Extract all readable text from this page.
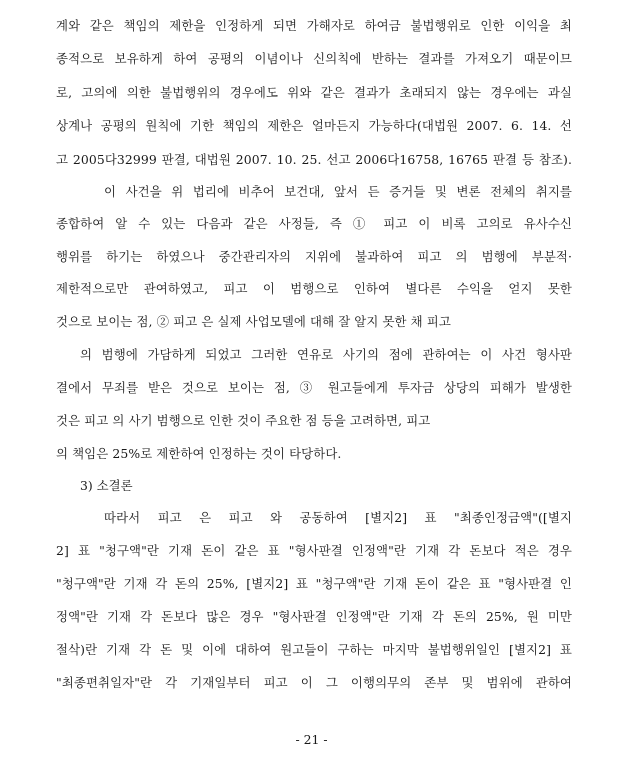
계와 같은 책임의 제한을 인정하게 되면 가해자로 하여금 불법행위로 인한 이익을 최
종적으로 보유하게 하여 공평의 이념이나 신의칙에 반하는 결과를 가져오기 때문이므
로, 고의에 의한 불법행위의 경우에도 위와 같은 결과가 초래되지 않는 경우에는 과실
상계나 공평의 원칙에 기한 책임의 제한은 얼마든지 가능하다(대법원 2007. 6. 14. 선
고 2005다32999 판결, 대법원 2007. 10. 25. 선고 2006다16758, 16765 판결 등 참조).
이 사건을 위 법리에 비추어 보건대, 앞서 든 증거들 및 변론 전체의 취지를
종합하여 알 수 있는 다음과 같은 사정들, 즉 ① 피고 이 비록 고의로 유사수신
행위를 하기는 하였으나 중간관리자의 지위에 불과하여 피고 의 범행에 부분적·
제한적으로만 관여하였고, 피고 이 범행으로 인하여 별다른 수익을 얻지 못한
것으로 보이는 점, ② 피고 은 실제 사업모델에 대해 잘 알지 못한 채 피고
의 범행에 가담하게 되었고 그러한 연유로 사기의 점에 관하여는 이 사건 형사판
결에서 무죄를 받은 것으로 보이는 점, ③ 원고들에게 투자금 상당의 피해가 발생한
것은 피고 의 사기 범행으로 인한 것이 주요한 점 등을 고려하면, 피고
의 책임은 25%로 제한하여 인정하는 것이 타당하다.
3) 소결론
따라서 피고 은 피고 와 공동하여 [별지2] 표 "최종인정금액"([별지
2] 표 "청구액"란 기재 돈이 같은 표 "형사판결 인정액"란 기재 각 돈보다 적은 경우
"청구액"란 기재 각 돈의 25%, [별지2] 표 "청구액"란 기재 돈이 같은 표 "형사판결 인
정액"란 기재 각 돈보다 많은 경우 "형사판결 인정액"란 기재 각 돈의 25%, 원 미만
절삭)란 기재 각 돈 및 이에 대하여 원고들이 구하는 마지막 불법행위일인 [별지2] 표
"최종편취일자"란 각 기재일부터 피고 이 그 이행의무의 존부 및 범위에 관하여
- 21 -
